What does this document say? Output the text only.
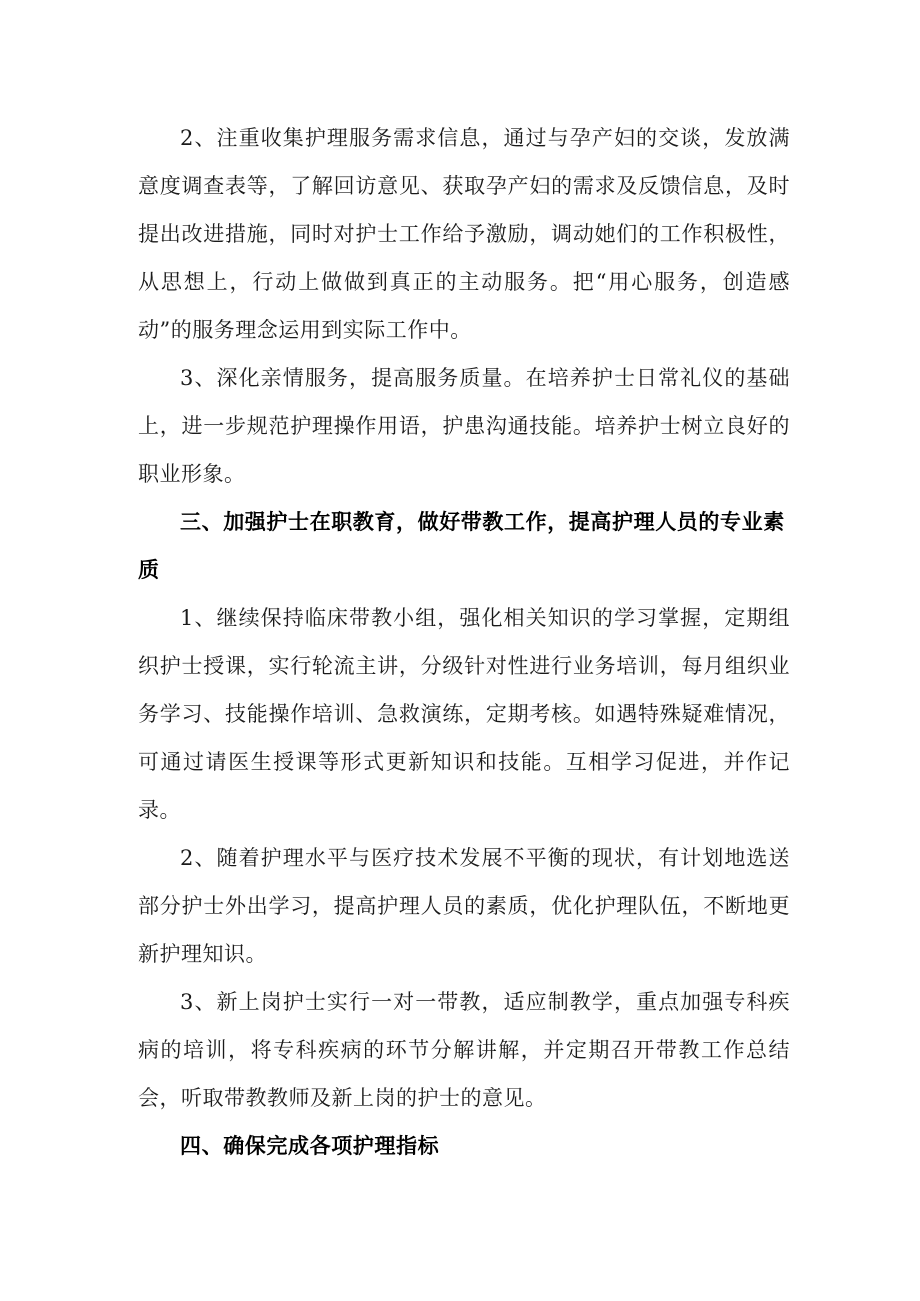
2、注重收集护理服务需求信息，通过与孕产妇的交谈，发放满意度调查表等，了解回访意见、获取孕产妇的需求及反馈信息，及时提出改进措施，同时对护士工作给予激励，调动她们的工作积极性，从思想上，行动上做做到真正的主动服务。把“用心服务，创造感动”的服务理念运用到实际工作中。

3、深化亲情服务，提高服务质量。在培养护士日常礼仪的基础上，进一步规范护理操作用语，护患沟通技能。培养护士树立良好的职业形象。

三、加强护士在职教育，做好带教工作，提高护理人员的专业素质

1、继续保持临床带教小组，强化相关知识的学习掌握，定期组织护士授课，实行轮流主讲，分级针对性进行业务培训，每月组织业务学习、技能操作培训、急救演练，定期考核。如遇特殊疑难情况，可通过请医生授课等形式更新知识和技能。互相学习促进，并作记录。

2、随着护理水平与医疗技术发展不平衡的现状，有计划地选送部分护士外出学习，提高护理人员的素质，优化护理队伍，不断地更新护理知识。

3、新上岗护士实行一对一带教，适应制教学，重点加强专科疾病的培训，将专科疾病的环节分解讲解，并定期召开带教工作总结会，听取带教教师及新上岗的护士的意见。

四、确保完成各项护理指标
